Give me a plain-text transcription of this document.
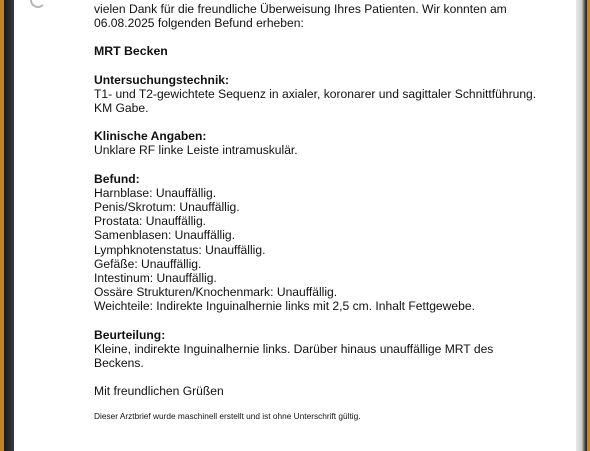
vielen Dank für die freundliche Überweisung Ihres Patienten. Wir konnten am
06.08.2025 folgenden Befund erheben:
MRT Becken
Untersuchungstechnik:
T1- und T2-gewichtete Sequenz in axialer, koronarer und sagittaler Schnittführung.
KM Gabe.
Klinische Angaben:
Unklare RF linke Leiste intramuskulär.
Befund:
Harnblase: Unauffällig.
Penis/Skrotum: Unauffällig.
Prostata: Unauffällig.
Samenblasen: Unauffällig.
Lymphknotenstatus: Unauffällig.
Gefäße: Unauffällig.
Intestinum: Unauffällig.
Ossäre Strukturen/Knochenmark: Unauffällig.
Weichteile: Indirekte Inguinalhernie links mit 2,5 cm. Inhalt Fettgewebe.
Beurteilung:
Kleine, indirekte Inguinalhernie links. Darüber hinaus unauffällige MRT des
Beckens.
Mit freundlichen Grüßen
Dieser Arztbrief wurde maschinell erstellt und ist ohne Unterschrift gültig.
